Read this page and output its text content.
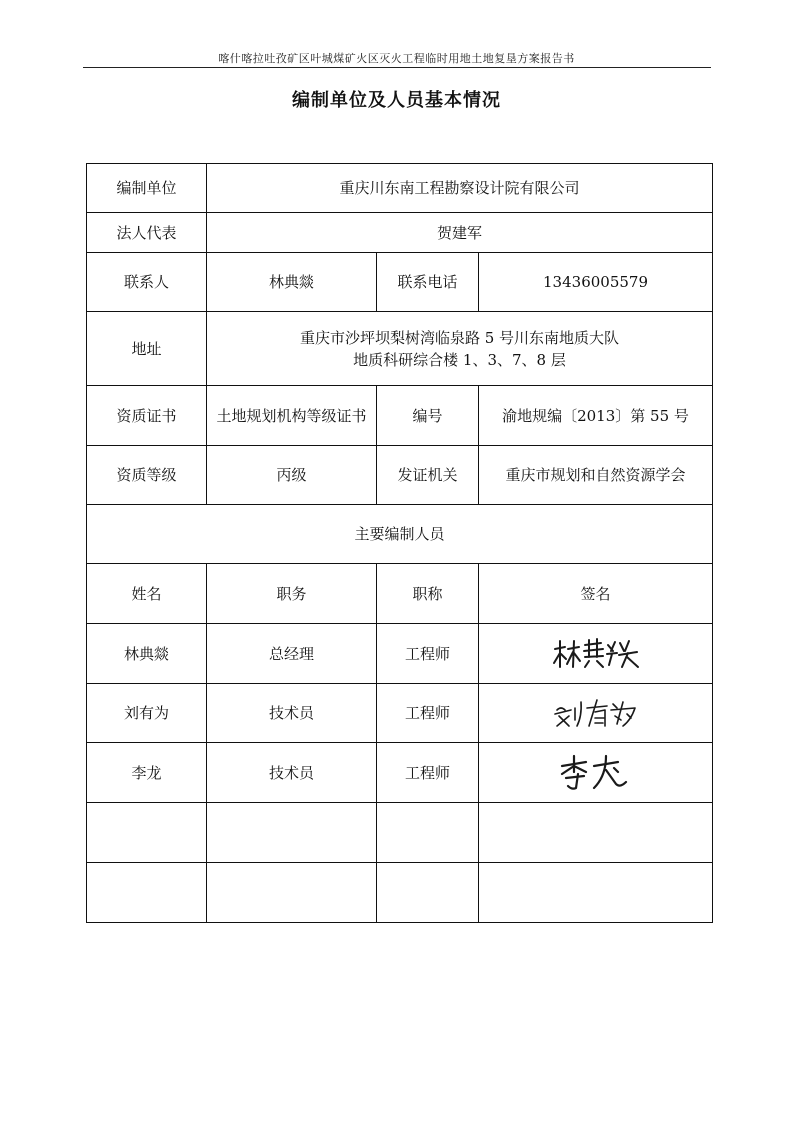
喀什喀拉吐孜矿区叶城煤矿火区灭火工程临时用地土地复垦方案报告书
编制单位及人员基本情况
编制单位	重庆川东南工程勘察设计院有限公司		
法人代表	贺建军		
联系人	林典燚	联系电话	13436005579
地址	重庆市沙坪坝梨树湾临泉路 5 号川东南地质大队
地质科研综合楼 1、3、7、8 层		

资质证书	土地规划机构等级证书	编号	渝地规编〔2013〕第 55 号
资质等级	丙级	发证机关	重庆市规划和自然资源学会
主要编制人员			
姓名	职务	职称	签名
林典燚	总经理	工程师	

刘有为	技术员	工程师	

李龙	技术员	工程师	
